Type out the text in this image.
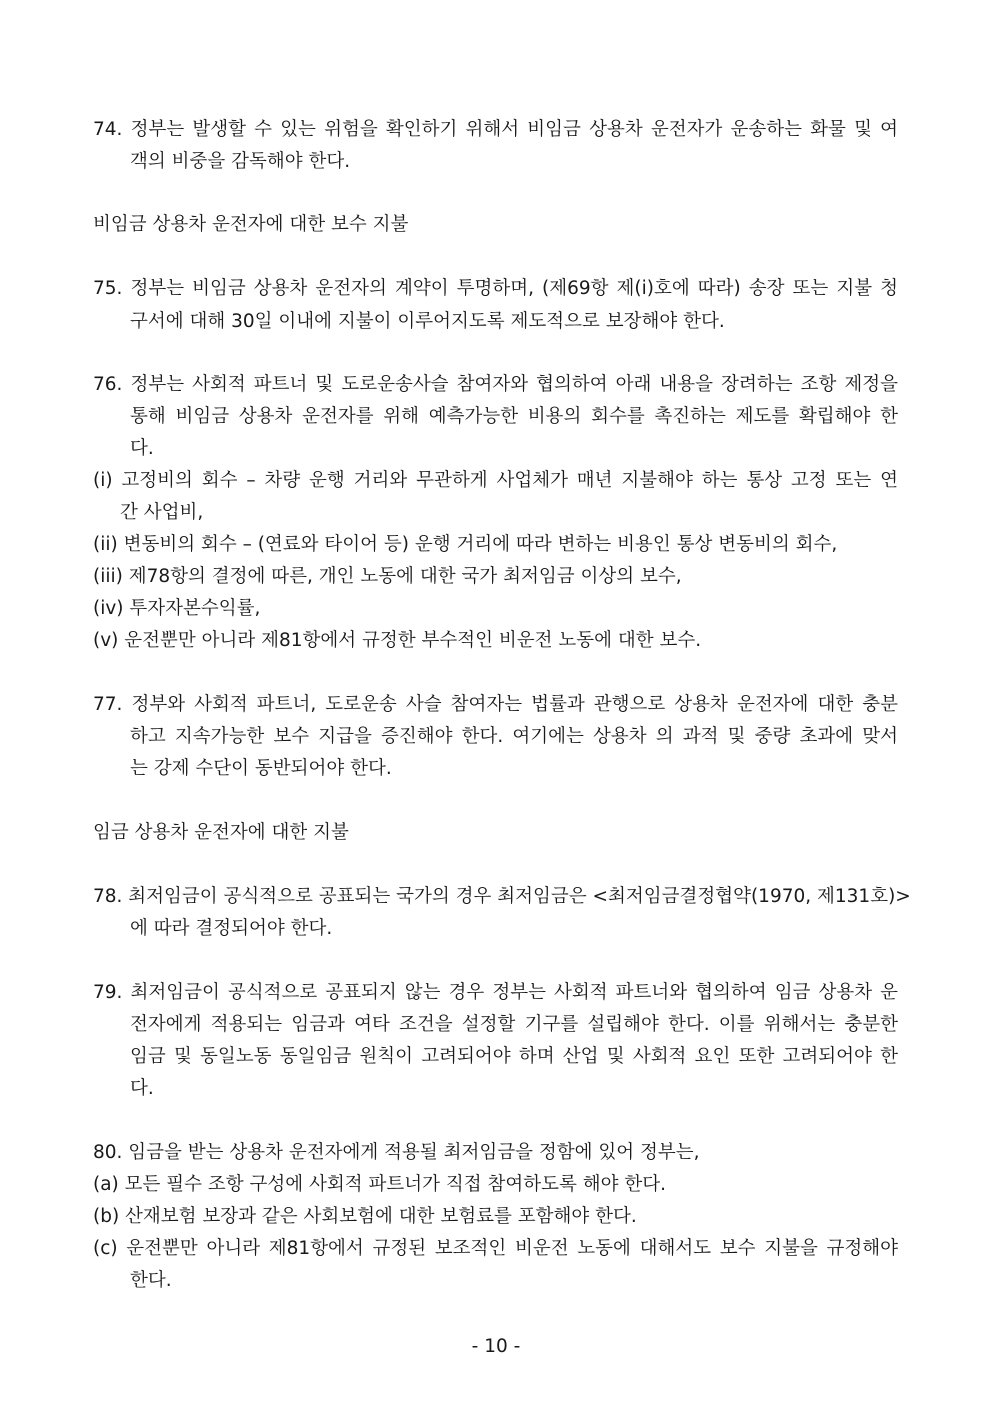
74. 정부는 발생할 수 있는 위험을 확인하기 위해서 비임금 상용차 운전자가 운송하는 화물 및 여
객의 비중을 감독해야 한다.
비임금 상용차 운전자에 대한 보수 지불
75. 정부는 비임금 상용차 운전자의 계약이 투명하며, (제69항 제(i)호에 따라) 송장 또는 지불 청
구서에 대해 30일 이내에 지불이 이루어지도록 제도적으로 보장해야 한다.
76. 정부는 사회적 파트너 및 도로운송사슬 참여자와 협의하여 아래 내용을 장려하는 조항 제정을
통해 비임금 상용차 운전자를 위해 예측가능한 비용의 회수를 촉진하는 제도를 확립해야 한
다.
(i) 고정비의 회수 – 차량 운행 거리와 무관하게 사업체가 매년 지불해야 하는 통상 고정 또는 연
간 사업비,
(ii) 변동비의 회수 – (연료와 타이어 등) 운행 거리에 따라 변하는 비용인 통상 변동비의 회수,
(iii) 제78항의 결정에 따른, 개인 노동에 대한 국가 최저임금 이상의 보수,
(iv) 투자자본수익률,
(v) 운전뿐만 아니라 제81항에서 규정한 부수적인 비운전 노동에 대한 보수.
77. 정부와 사회적 파트너, 도로운송 사슬 참여자는 법률과 관행으로 상용차 운전자에 대한 충분
하고 지속가능한 보수 지급을 증진해야 한다. 여기에는 상용차 의 과적 및 중량 초과에 맞서
는 강제 수단이 동반되어야 한다.
임금 상용차 운전자에 대한 지불
78. 최저임금이 공식적으로 공표되는 국가의 경우 최저임금은 <최저임금결정협약(1970, 제131호)>
에 따라 결정되어야 한다.
79. 최저임금이 공식적으로 공표되지 않는 경우 정부는 사회적 파트너와 협의하여 임금 상용차 운
전자에게 적용되는 임금과 여타 조건을 설정할 기구를 설립해야 한다. 이를 위해서는 충분한
임금 및 동일노동 동일임금 원칙이 고려되어야 하며 산업 및 사회적 요인 또한 고려되어야 한
다.
80. 임금을 받는 상용차 운전자에게 적용될 최저임금을 정함에 있어 정부는,
(a) 모든 필수 조항 구성에 사회적 파트너가 직접 참여하도록 해야 한다.
(b) 산재보험 보장과 같은 사회보험에 대한 보험료를 포함해야 한다.
(c) 운전뿐만 아니라 제81항에서 규정된 보조적인 비운전 노동에 대해서도 보수 지불을 규정해야
한다.
- 10 -
